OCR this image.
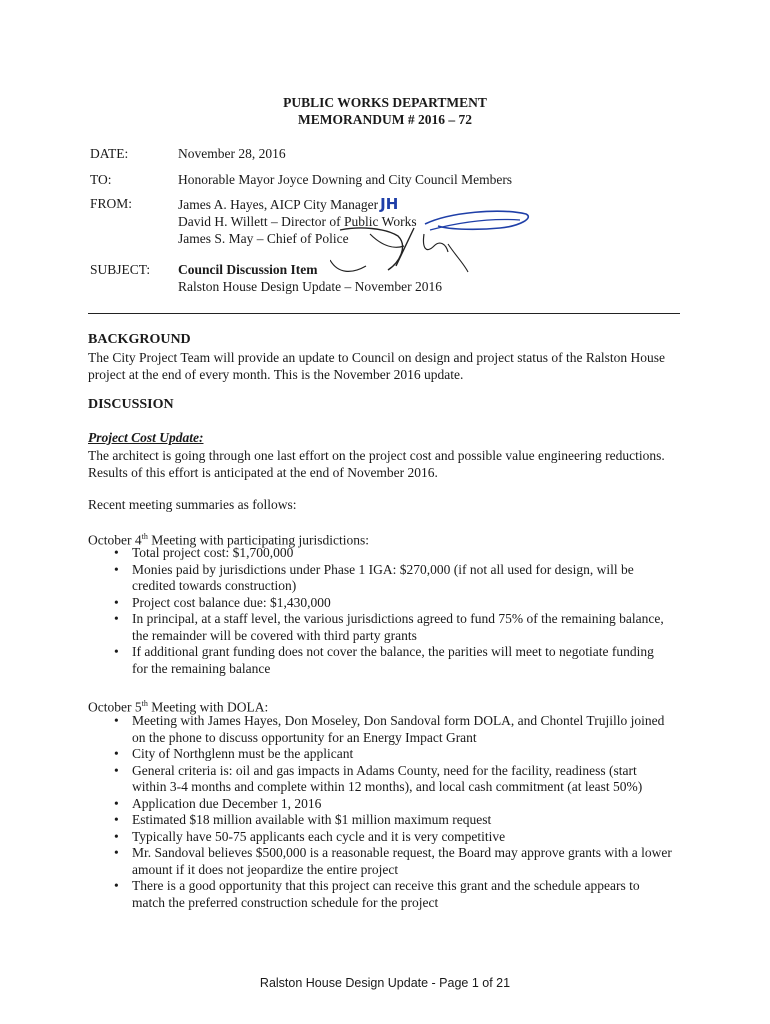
PUBLIC WORKS DEPARTMENT
MEMORANDUM # 2016 – 72
DATE:	November 28, 2016
TO:	Honorable Mayor Joyce Downing and City Council Members
FROM:	James A. Hayes, AICP City Manager JH
David H. Willett – Director of Public Works
James S. May – Chief of Police
SUBJECT: Council Discussion Item
Ralston House Design Update – November 2016
BACKGROUND
The City Project Team will provide an update to Council on design and project status of the Ralston House
project at the end of every month. This is the November 2016 update.
DISCUSSION
Project Cost Update:
The architect is going through one last effort on the project cost and possible value engineering reductions.
Results of this effort is anticipated at the end of November 2016.
Recent meeting summaries as follows:
October 4th Meeting with participating jurisdictions:
• Total project cost: $1,700,000
• Monies paid by jurisdictions under Phase 1 IGA: $270,000 (if not all used for design, will be
credited towards construction)
• Project cost balance due: $1,430,000
• In principal, at a staff level, the various jurisdictions agreed to fund 75% of the remaining balance,
the remainder will be covered with third party grants
• If additional grant funding does not cover the balance, the parities will meet to negotiate funding
for the remaining balance
October 5th Meeting with DOLA:
• Meeting with James Hayes, Don Moseley, Don Sandoval form DOLA, and Chontel Trujillo joined
on the phone to discuss opportunity for an Energy Impact Grant
• City of Northglenn must be the applicant
• General criteria is: oil and gas impacts in Adams County, need for the facility, readiness (start
within 3-4 months and complete within 12 months), and local cash commitment (at least 50%)
• Application due December 1, 2016
• Estimated $18 million available with $1 million maximum request
• Typically have 50-75 applicants each cycle and it is very competitive
• Mr. Sandoval believes $500,000 is a reasonable request, the Board may approve grants with a lower
amount if it does not jeopardize the entire project
• There is a good opportunity that this project can receive this grant and the schedule appears to
match the preferred construction schedule for the project
Ralston House Design Update - Page 1 of 21
